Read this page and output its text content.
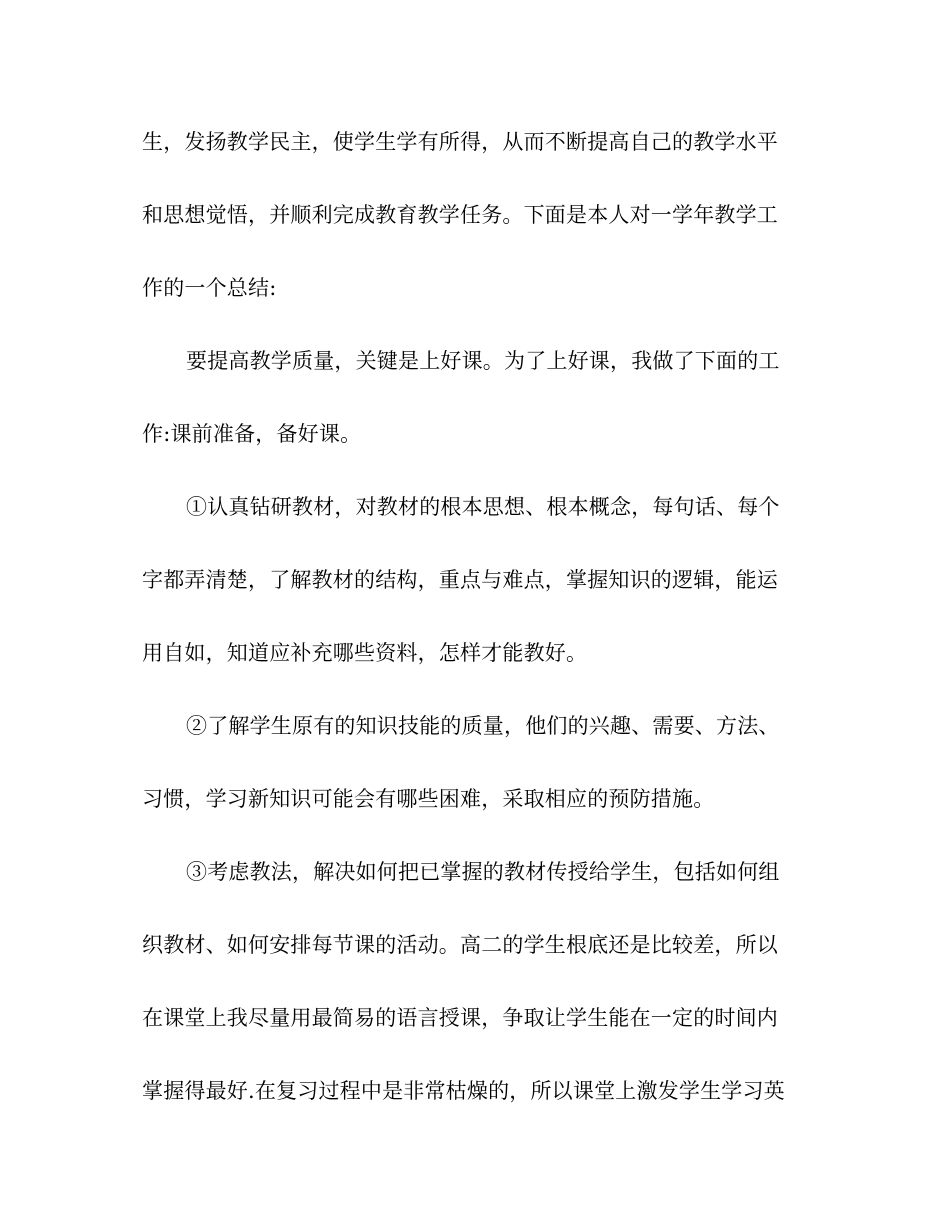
生，发扬教学民主，使学生学有所得，从而不断提高自己的教学水平
和思想觉悟，并顺利完成教育教学任务。下面是本人对一学年教学工
作的一个总结:
要提高教学质量，关键是上好课。为了上好课，我做了下面的工
作:课前准备，备好课。
①认真钻研教材，对教材的根本思想、根本概念，每句话、每个
字都弄清楚，了解教材的结构，重点与难点，掌握知识的逻辑，能运
用自如，知道应补充哪些资料，怎样才能教好。
②了解学生原有的知识技能的质量，他们的兴趣、需要、方法、
习惯，学习新知识可能会有哪些困难，采取相应的预防措施。
③考虑教法，解决如何把已掌握的教材传授给学生，包括如何组
织教材、如何安排每节课的活动。高二的学生根底还是比较差，所以
在课堂上我尽量用最简易的语言授课，争取让学生能在一定的时间内
掌握得最好.在复习过程中是非常枯燥的，所以课堂上激发学生学习英
